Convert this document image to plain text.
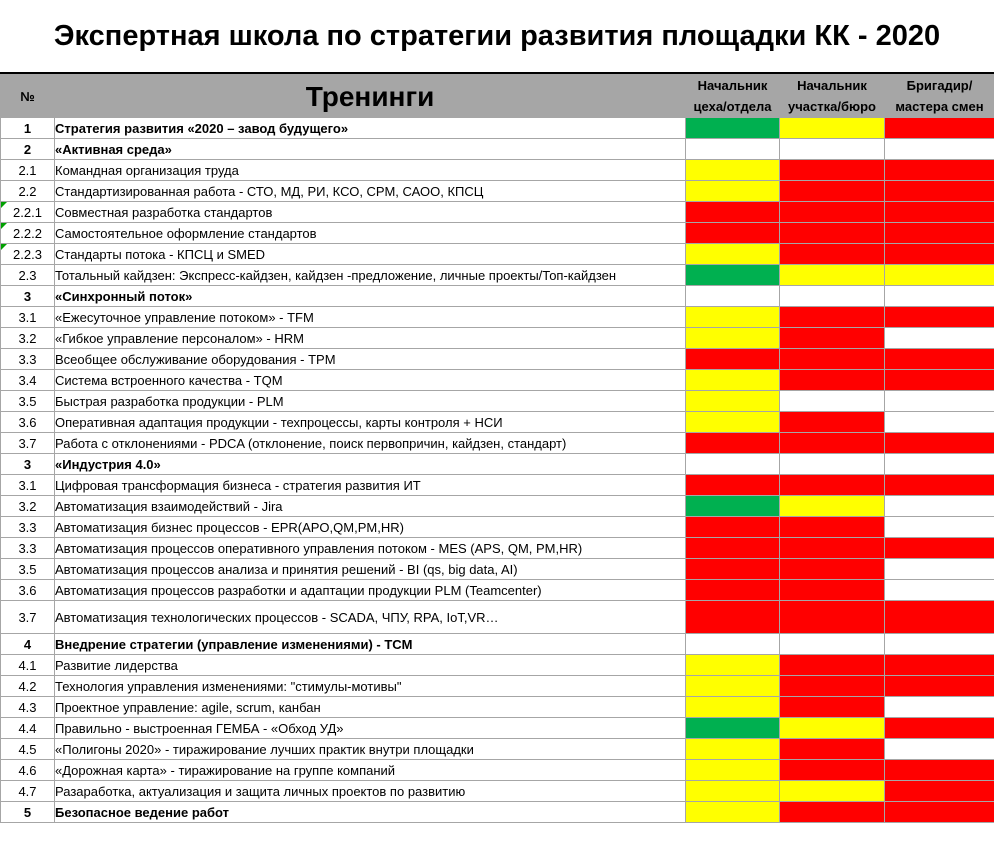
Экспертная школа по стратегии развития площадки КК - 2020
№	Тренинги	Начальник цеха/отдела	Начальник участка/бюро	Бригадир/ мастера смен
1	Стратегия развития «2020 – завод будущего»			
2	«Активная среда»			
2.1	Командная организация труда			
2.2	Стандартизированная работа - СТО, МД, РИ, КСО, СРМ, САОО, КПСЦ			

2.2.1	Совместная разработка стандартов			

2.2.2	Самостоятельное оформление стандартов			

2.2.3	Стандарты потока - КПСЦ и SMED			
2.3	Тотальный кайдзен: Экспресс-кайдзен, кайдзен -предложение, личные проекты/Топ-кайдзен			
3	«Синхронный поток»			
3.1	«Ежесуточное управление потоком» - TFM			
3.2	«Гибкое управление персоналом» - HRM			
3.3	Всеобщее обслуживание оборудования - TPM			
3.4	Система встроенного качества - TQM			
3.5	Быстрая разработка продукции - PLM			
3.6	Оперативная адаптация продукции - техпроцессы, карты контроля + НСИ			
3.7	Работа с отклонениями - PDCA (отклонение, поиск первопричин, кайдзен, стандарт)			
3	«Индустрия 4.0»			
3.1	Цифровая трансформация бизнеса - стратегия развития ИТ			
3.2	Автоматизация взаимодействий - Jira			
3.3	Автоматизация бизнес процессов - EPR(APO,QM,PM,HR)			
3.3	Автоматизация процессов оперативного управления потоком - MES (APS, QM, PM,HR)			
3.5	Автоматизация процессов анализа и принятия решений - BI (qs, big data, AI)			
3.6	Автоматизация процессов разработки и адаптации продукции PLM (Teamcenter)			
3.7	Автоматизация технологических процессов - SCADA, ЧПУ, RPA, IoT,VR…			
4	Внедрение стратегии (управление изменениями) - TCM			
4.1	Развитие лидерства			
4.2	Технология управления изменениями: "стимулы-мотивы"			
4.3	Проектное управление: agile, scrum, канбан			
4.4	Правильно - выстроенная ГЕМБА - «Обход УД»			
4.5	«Полигоны 2020» - тиражирование лучших практик внутри площадки			
4.6	«Дорожная карта» - тиражирование на группе компаний			
4.7	Разаработка, актуализация и защита личных проектов по развитию			
5	Безопасное ведение работ			
